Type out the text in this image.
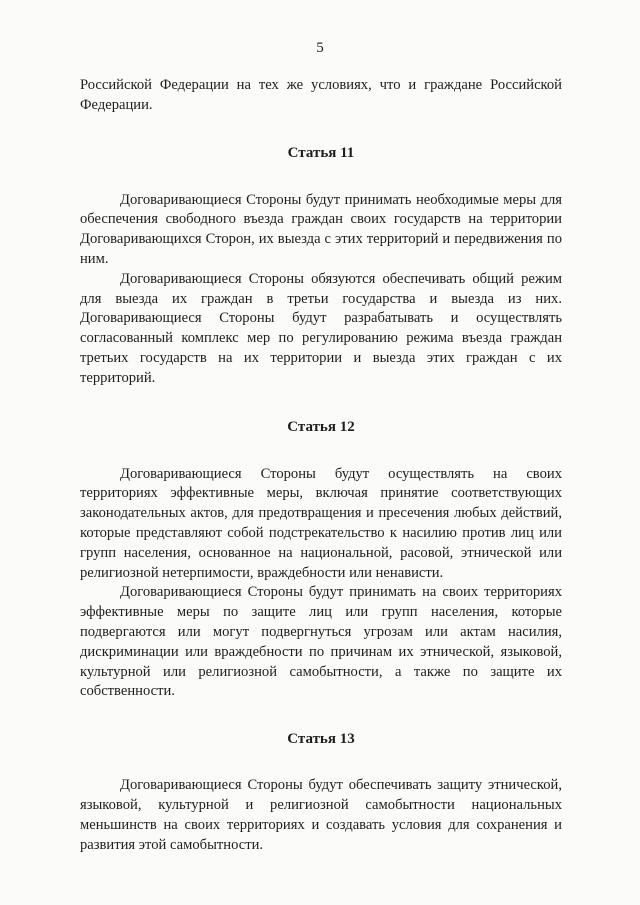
5

Российской Федерации на тех же условиях, что и граждане Российской Федерации.

Статья 11

Договаривающиеся Стороны будут принимать необходимые меры для обеспечения свободного въезда граждан своих государств на территории Договаривающихся Сторон, их выезда с этих территорий и передвижения по ним.

Договаривающиеся Стороны обязуются обеспечивать общий режим для выезда их граждан в третьи государства и выезда из них. Договаривающиеся Стороны будут разрабатывать и осуществлять согласованный комплекс мер по регулированию режима въезда граждан третьих государств на их территории и выезда этих граждан с их территорий.

Статья 12

Договаривающиеся Стороны будут осуществлять на своих территориях эффективные меры, включая принятие соответствующих законодательных актов, для предотвращения и пресечения любых действий, которые представляют собой подстрекательство к насилию против лиц или групп населения, основанное на национальной, расовой, этнической или религиозной нетерпимости, враждебности или ненависти.

Договаривающиеся Стороны будут принимать на своих территориях эффективные меры по защите лиц или групп населения, которые подвергаются или могут подвергнуться угрозам или актам насилия, дискриминации или враждебности по причинам их этнической, языковой, культурной или религиозной самобытности, а также по защите их собственности.

Статья 13

Договаривающиеся Стороны будут обеспечивать защиту этнической, языковой, культурной и религиозной самобытности национальных меньшинств на своих территориях и создавать условия для сохранения и развития этой самобытности.
